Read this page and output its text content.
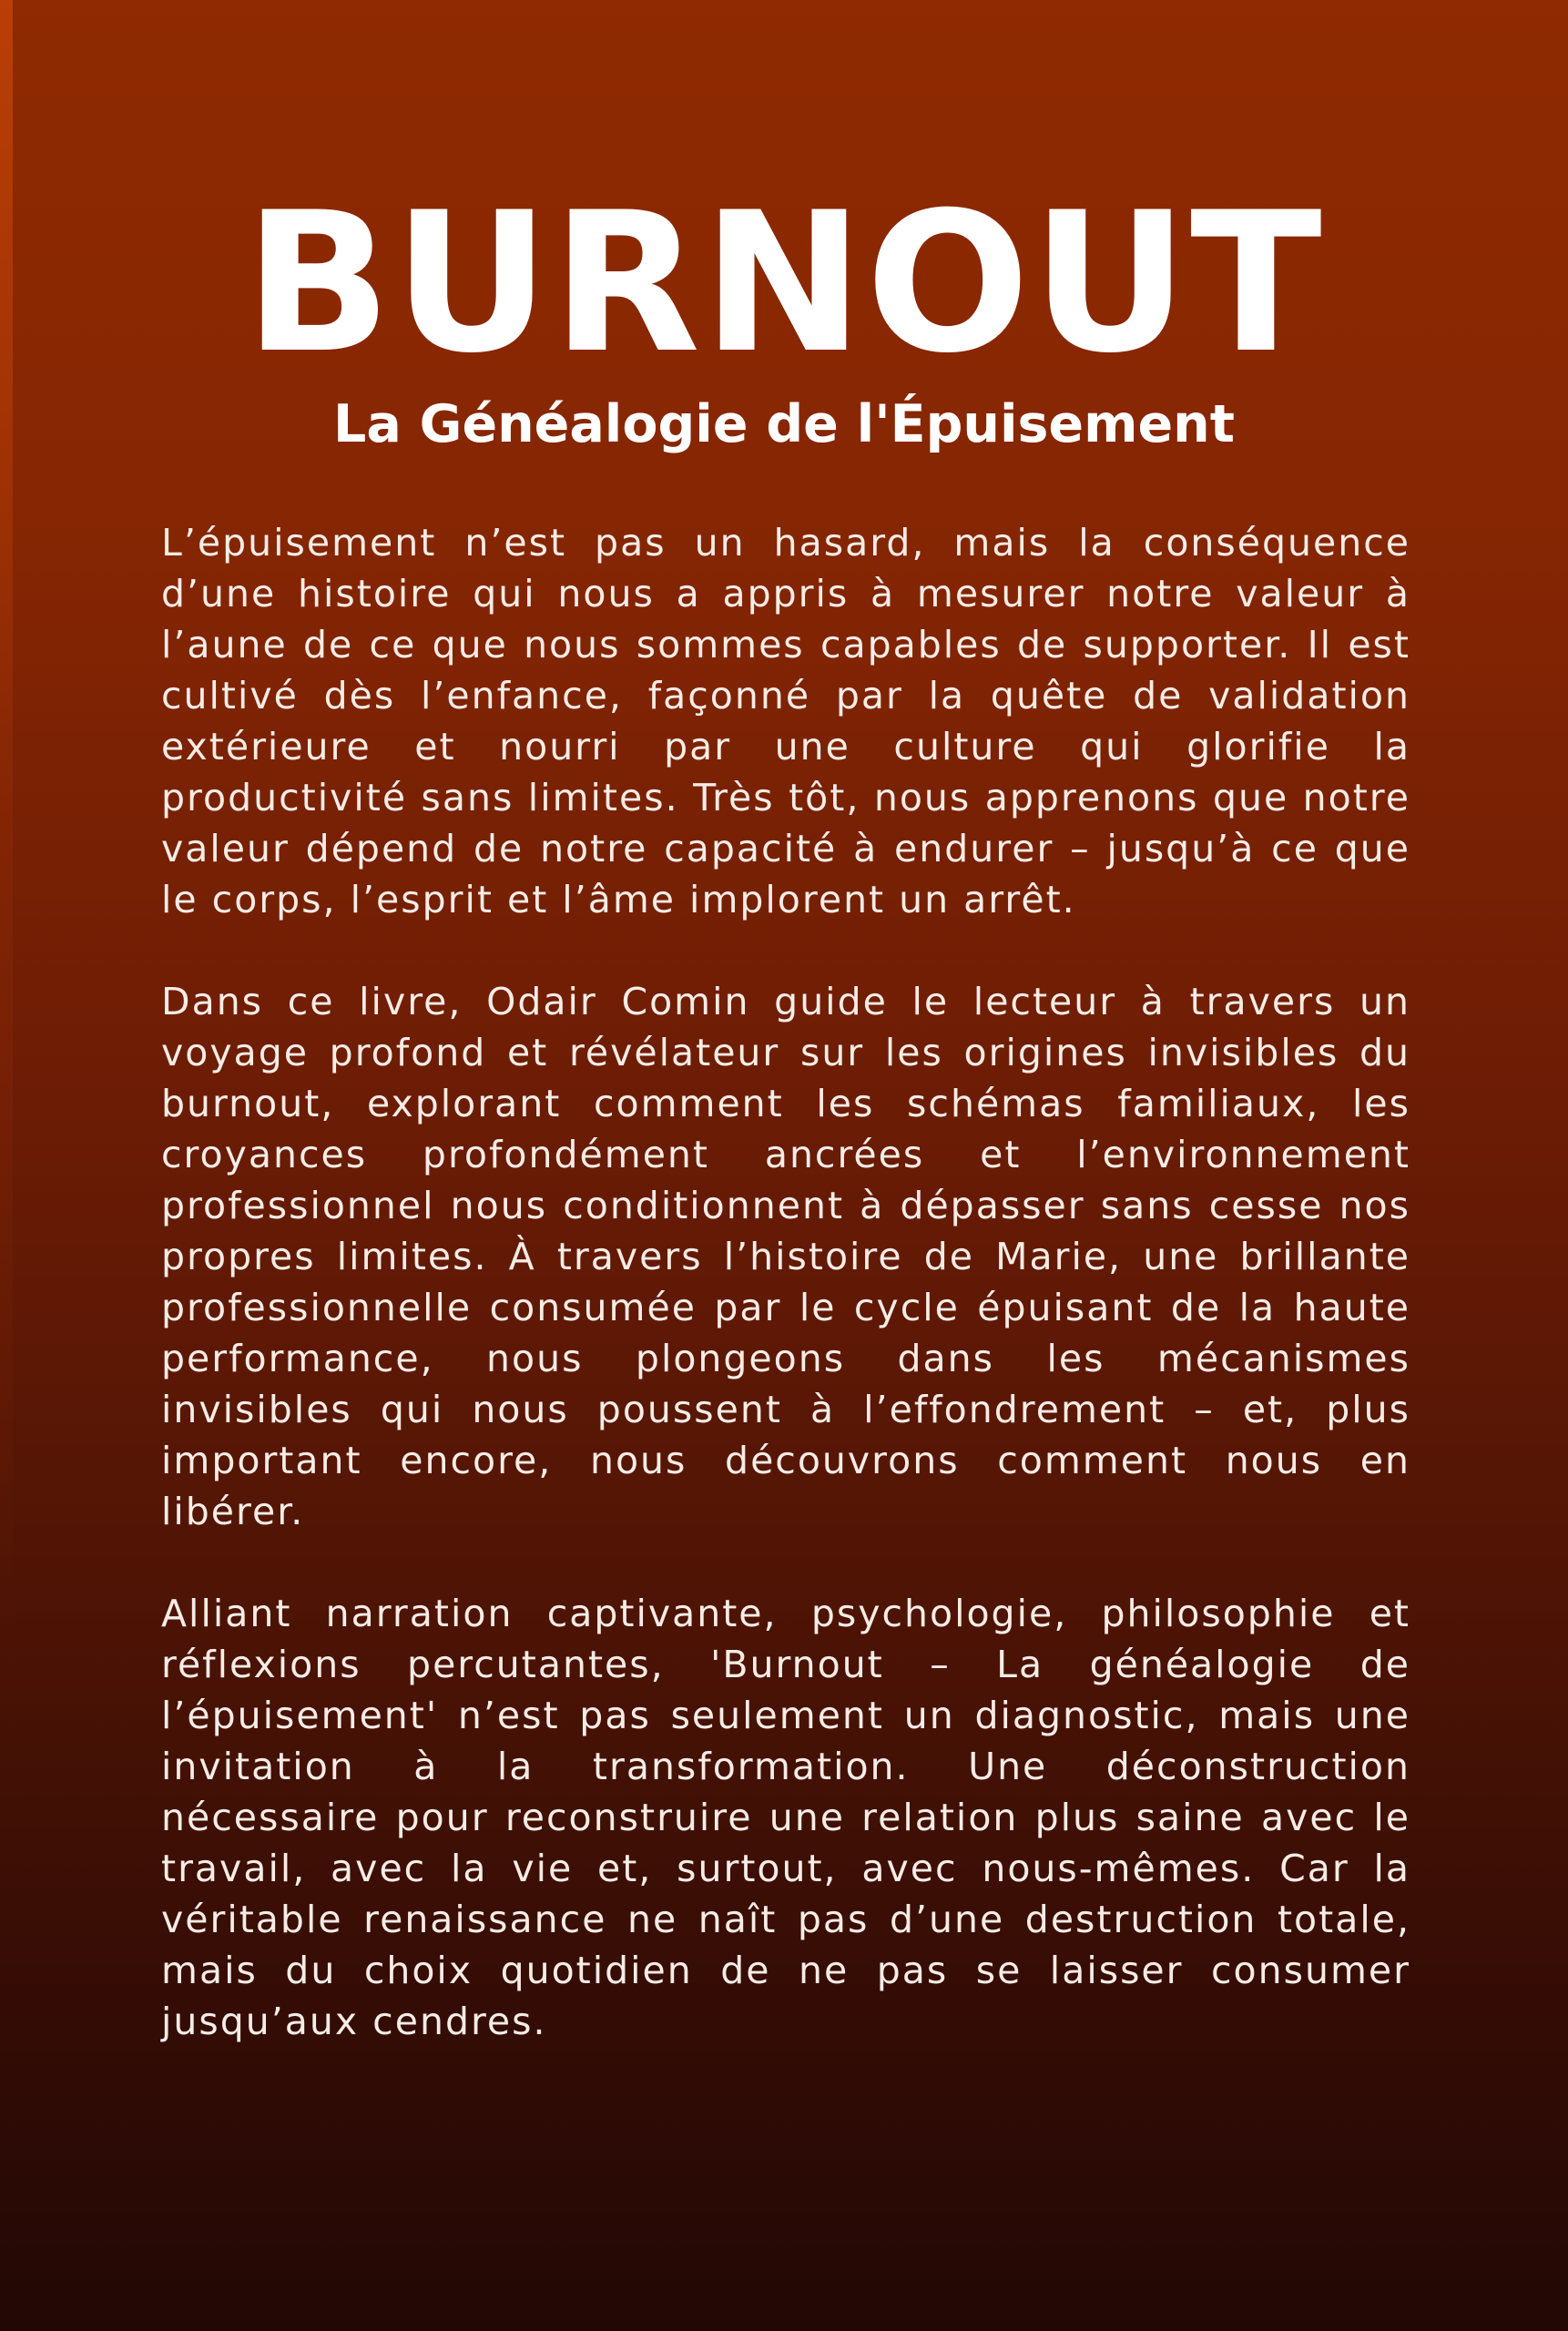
BURNOUT
La Généalogie de l'Épuisement

L’épuisement n’est pas un hasard, mais la conséquence d’une histoire qui nous a appris à mesurer notre valeur à l’aune de ce que nous sommes capables de supporter. Il est cultivé dès l’enfance, façonné par la quête de validation extérieure et nourri par une culture qui glorifie la productivité sans limites. Très tôt, nous apprenons que notre valeur dépend de notre capacité à endurer – jusqu’à ce que le corps, l’esprit et l’âme implorent un arrêt.

Dans ce livre, Odair Comin guide le lecteur à travers un voyage profond et révélateur sur les origines invisibles du burnout, explorant comment les schémas familiaux, les croyances profondément ancrées et l’environnement professionnel nous conditionnent à dépasser sans cesse nos propres limites. À travers l’histoire de Marie, une brillante professionnelle consumée par le cycle épuisant de la haute performance, nous plongeons dans les mécanismes invisibles qui nous poussent à l’effondrement – et, plus important encore, nous découvrons comment nous en libérer.

Alliant narration captivante, psychologie, philosophie et réflexions percutantes, 'Burnout – La généalogie de l’épuisement' n’est pas seulement un diagnostic, mais une invitation à la transformation. Une déconstruction nécessaire pour reconstruire une relation plus saine avec le travail, avec la vie et, surtout, avec nous-mêmes. Car la véritable renaissance ne naît pas d’une destruction totale, mais du choix quotidien de ne pas se laisser consumer jusqu’aux cendres.
